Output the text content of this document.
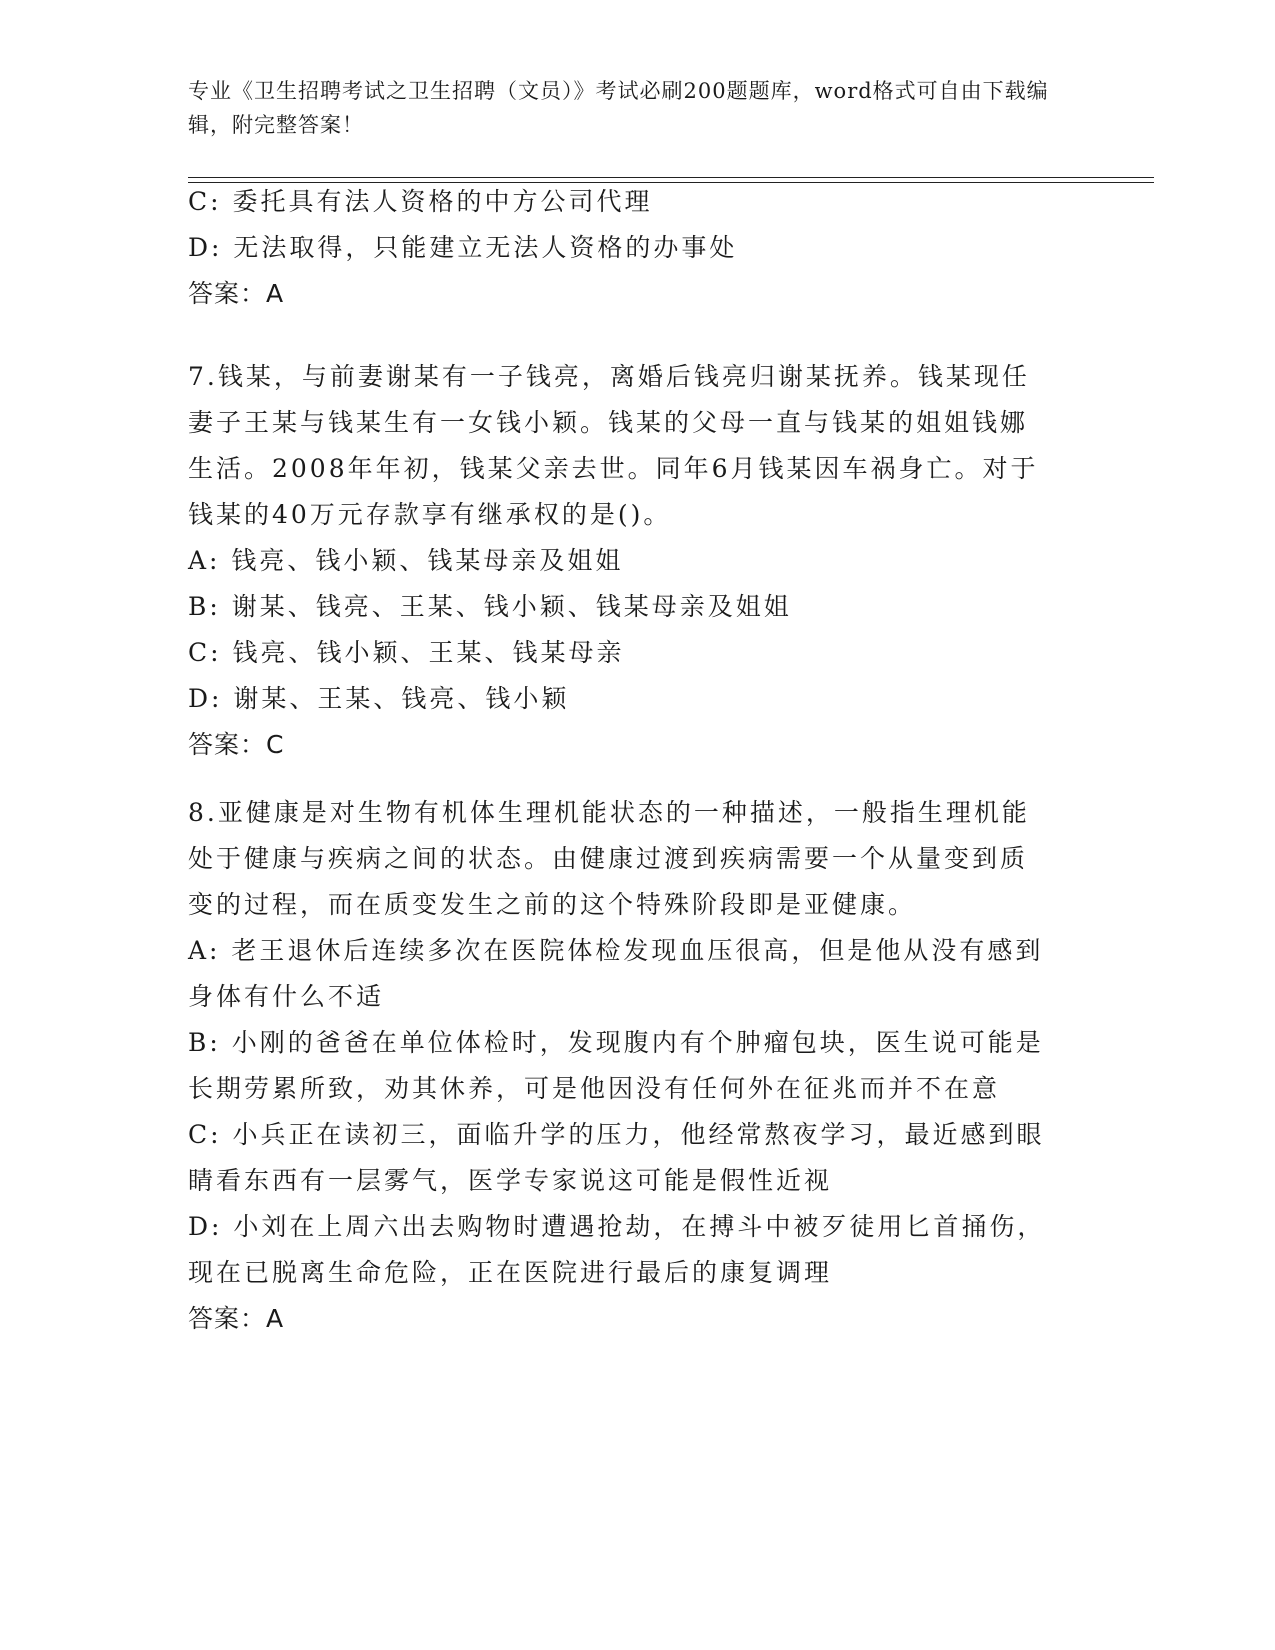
专业《卫生招聘考试之卫生招聘（文员）》考试必刷200题题库，word格式可自由下载编辑，附完整答案！
C: 委托具有法人资格的中方公司代理
D: 无法取得，只能建立无法人资格的办事处
答案：A
7.钱某，与前妻谢某有一子钱亮，离婚后钱亮归谢某抚养。钱某现任
妻子王某与钱某生有一女钱小颖。钱某的父母一直与钱某的姐姐钱娜
生活。2008年年初，钱某父亲去世。同年6月钱某因车祸身亡。对于
钱某的40万元存款享有继承权的是()。
A: 钱亮、钱小颖、钱某母亲及姐姐
B: 谢某、钱亮、王某、钱小颖、钱某母亲及姐姐
C: 钱亮、钱小颖、王某、钱某母亲
D: 谢某、王某、钱亮、钱小颖
答案：C
8.亚健康是对生物有机体生理机能状态的一种描述，一般指生理机能
处于健康与疾病之间的状态。由健康过渡到疾病需要一个从量变到质
变的过程，而在质变发生之前的这个特殊阶段即是亚健康。
A: 老王退休后连续多次在医院体检发现血压很高，但是他从没有感到
身体有什么不适
B: 小刚的爸爸在单位体检时，发现腹内有个肿瘤包块，医生说可能是
长期劳累所致，劝其休养，可是他因没有任何外在征兆而并不在意
C: 小兵正在读初三，面临升学的压力，他经常熬夜学习，最近感到眼
睛看东西有一层雾气，医学专家说这可能是假性近视
D: 小刘在上周六出去购物时遭遇抢劫，在搏斗中被歹徒用匕首捅伤，
现在已脱离生命危险，正在医院进行最后的康复调理
答案：A
